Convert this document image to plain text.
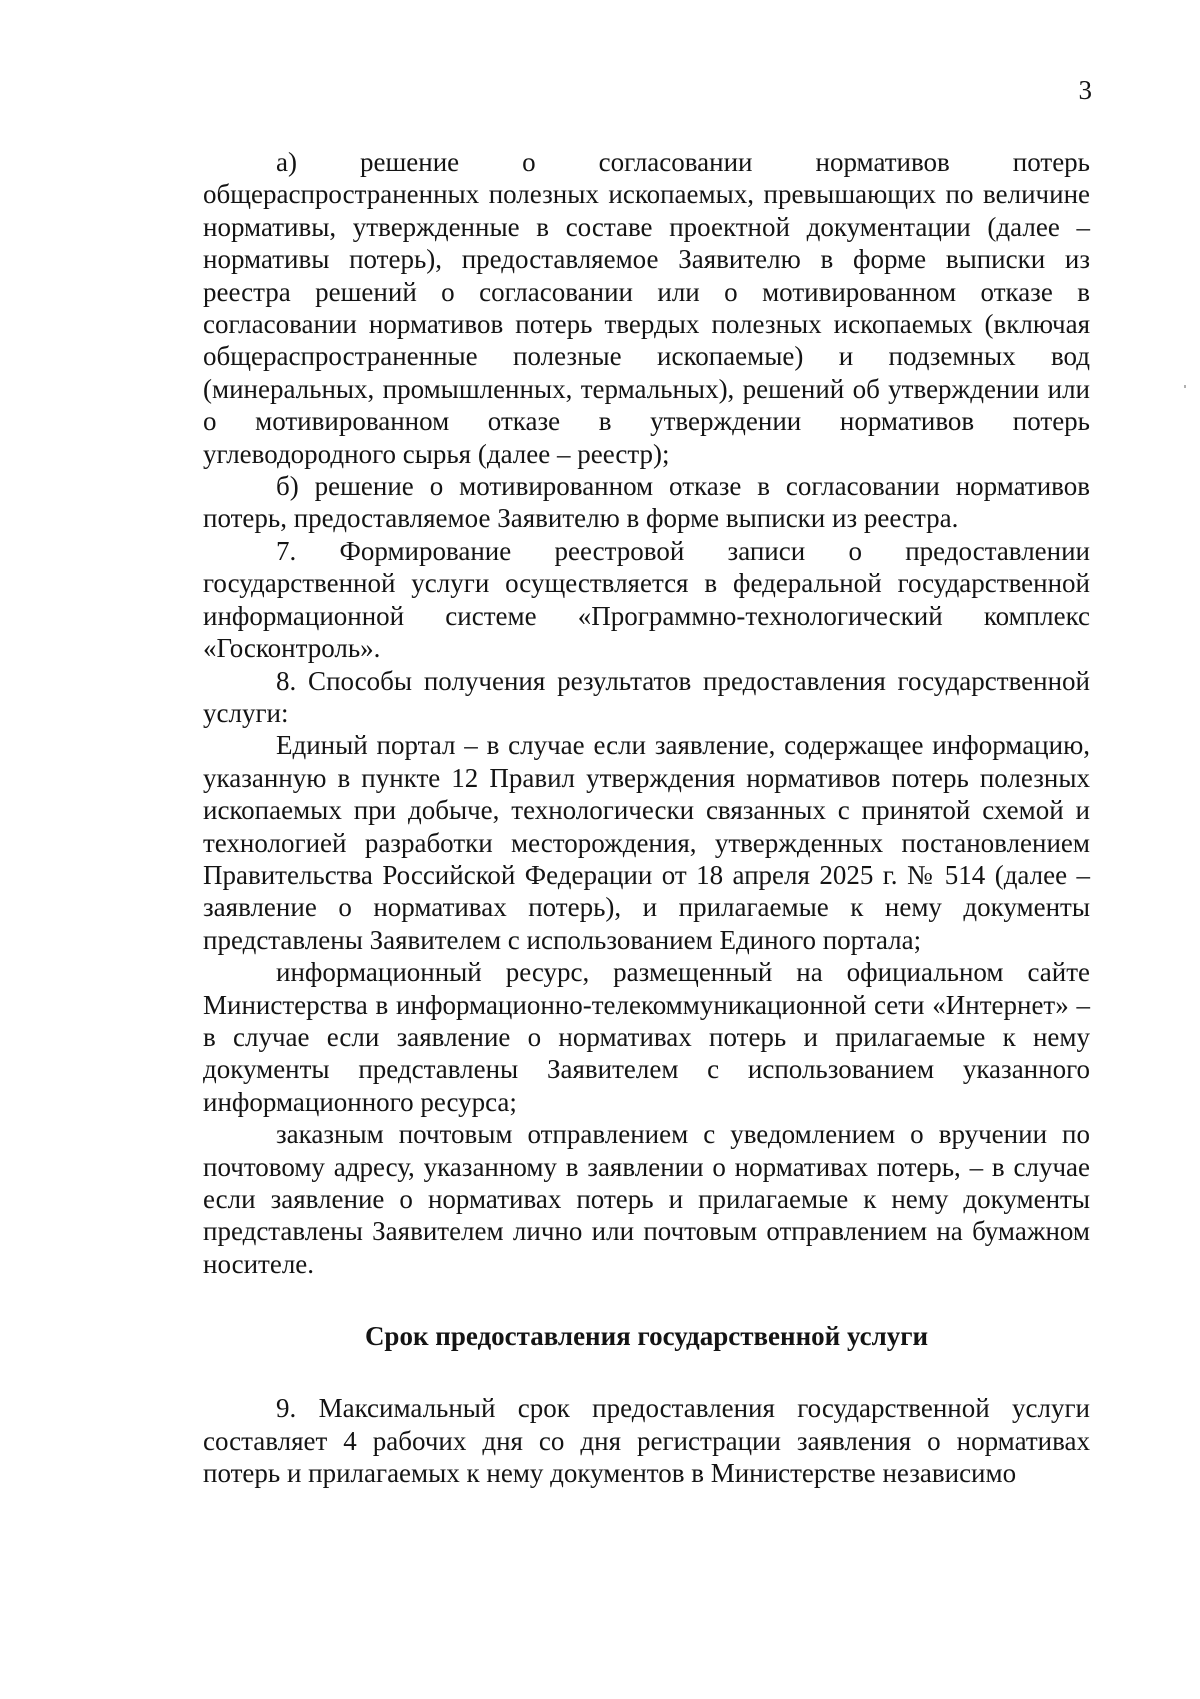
3

а) решение о согласовании нормативов потерь общераспространенных полезных ископаемых, превышающих по величине нормативы, утвержденные в составе проектной документации (далее – нормативы потерь), предоставляемое Заявителю в форме выписки из реестра решений о согласовании или о мотивированном отказе в согласовании нормативов потерь твердых полезных ископаемых (включая общераспространенные полезные ископаемые) и подземных вод (минеральных, промышленных, термальных), решений об утверждении или о мотивированном отказе в утверждении нормативов потерь углеводородного сырья (далее – реестр);

б) решение о мотивированном отказе в согласовании нормативов потерь, предоставляемое Заявителю в форме выписки из реестра.

7. Формирование реестровой записи о предоставлении государственной услуги осуществляется в федеральной государственной информационной системе «Программно-технологический комплекс «Госконтроль».

8. Способы получения результатов предоставления государственной услуги:

Единый портал – в случае если заявление, содержащее информацию, указанную в пункте 12 Правил утверждения нормативов потерь полезных ископаемых при добыче, технологически связанных с принятой схемой и технологией разработки месторождения, утвержденных постановлением Правительства Российской Федерации от 18 апреля 2025 г. № 514 (далее – заявление о нормативах потерь), и прилагаемые к нему документы представлены Заявителем с использованием Единого портала;

информационный ресурс, размещенный на официальном сайте Министерства в информационно-телекоммуникационной сети «Интернет» – в случае если заявление о нормативах потерь и прилагаемые к нему документы представлены Заявителем с использованием указанного информационного ресурса;

заказным почтовым отправлением с уведомлением о вручении по почтовому адресу, указанному в заявлении о нормативах потерь, – в случае если заявление о нормативах потерь и прилагаемые к нему документы представлены Заявителем лично или почтовым отправлением на бумажном носителе.

Срок предоставления государственной услуги

9. Максимальный срок предоставления государственной услуги составляет 4 рабочих дня со дня регистрации заявления о нормативах потерь и прилагаемых к нему документов в Министерстве независимо
